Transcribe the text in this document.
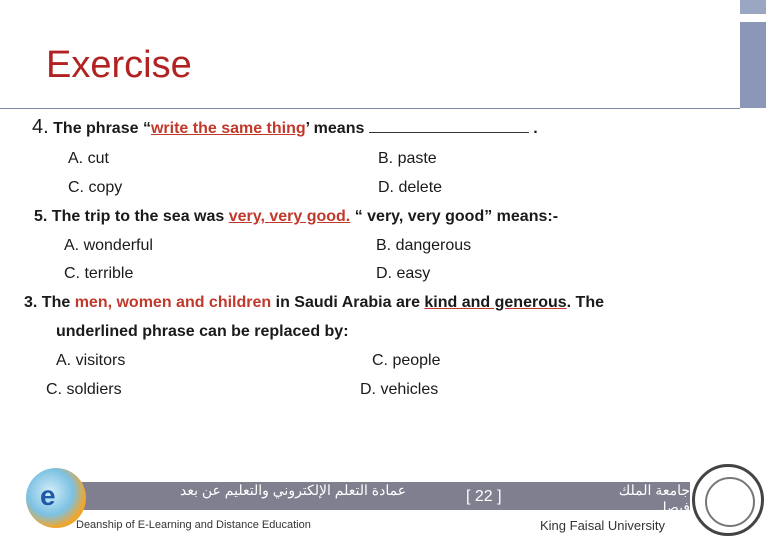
Exercise
4. The phrase “write the same thing’ means	.
A. cut	B. paste
C. copy	D. delete
5. The trip to the sea was very, very good. “ very, very good” means:-
A. wonderful	B. dangerous
C. terrible	D. easy
3. The men, women and children in Saudi Arabia are kind and generous. The
underlined phrase can be replaced by:
A. visitors	C. people
C. soldiers	D. vehicles
عمادة التعلم الإلكتروني والتعليم عن بعد	[ 22 ]	جامعة الملك فيصل
e
Deanship of E-Learning and Distance Education	King Faisal University
